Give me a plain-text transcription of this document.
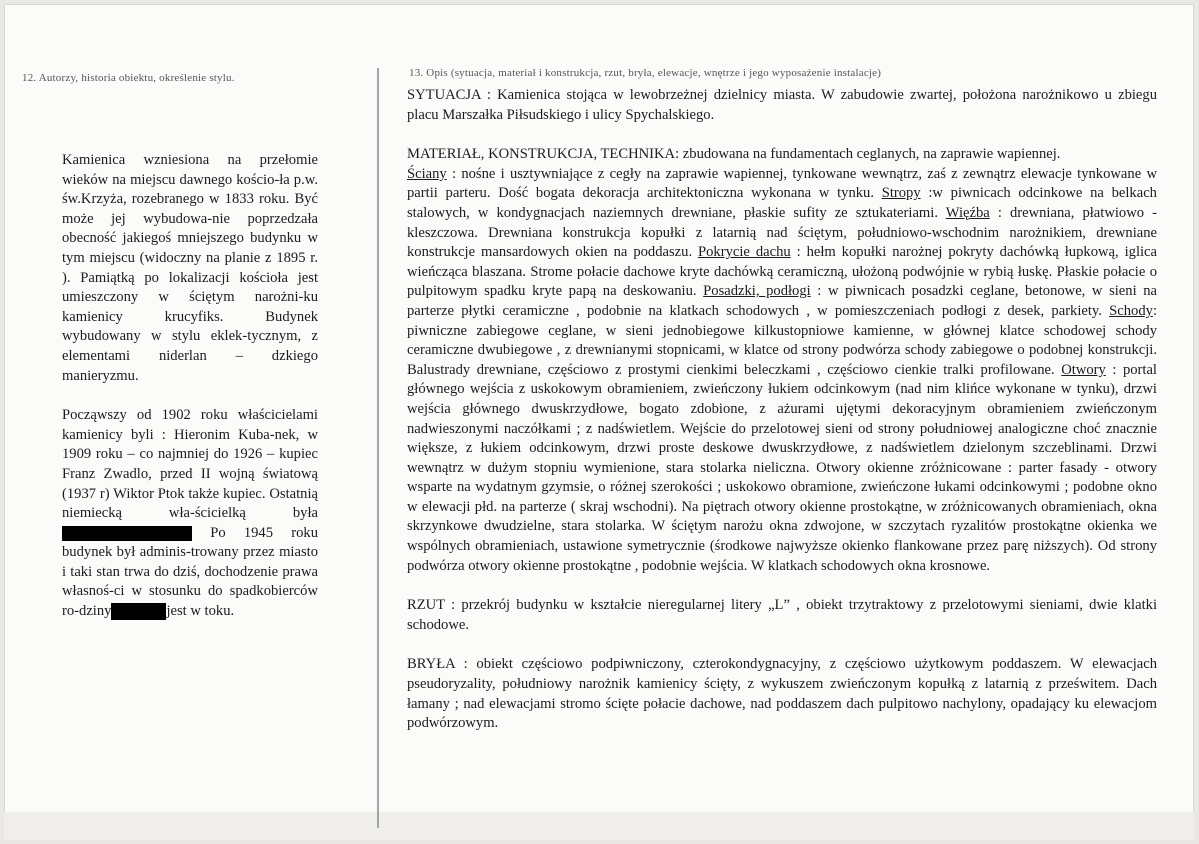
12. Autorzy, historia obiektu, określenie stylu.	13. Opis (sytuacja, materiał i konstrukcja, rzut, bryła, elewacje, wnętrze i jego wyposażenie instalacje)

Kamienica wzniesiona na przełomie wieków na miejscu dawnego kościo-ła p.w. św.Krzyża, rozebranego w 1833 roku. Być może jej wybudowa-nie poprzedzała obecność jakiegoś mniejszego budynku w tym miejscu (widoczny na planie z 1895 r. ). Pamiątką po lokalizacji kościoła jest umieszczony w ściętym narożni-ku kamienicy krucyfiks. Budynek wybudowany w stylu eklek-tycznym, z elementami niderlan – dzkiego manieryzmu.

Począwszy od 1902 roku właścicielami kamienicy byli : Hieronim Kuba-nek, w 1909 roku – co najmniej do 1926 – kupiec Franz Zwadlo, przed II wojną światową (1937 r) Wiktor Ptok także kupiec. Ostatnią niemiecką wła-ścicielką była Po 1945 roku budynek był adminis-trowany przez miasto i taki stan trwa do dziś, dochodzenie prawa własnoś-ci w stosunku do spadkobierców ro-dziny	jest w toku.

SYTUACJA : Kamienica stojąca w lewobrzeżnej dzielnicy miasta. W zabudowie zwartej, położona narożnikowo u zbiegu placu Marszałka Piłsudskiego i ulicy Spychalskiego.

MATERIAŁ, KONSTRUKCJA, TECHNIKA: zbudowana na fundamentach ceglanych, na zaprawie wapiennej.
Ściany : nośne i usztywniające z cegły na zaprawie wapiennej, tynkowane wewnątrz, zaś z zewnątrz elewacje tynkowane w partii parteru. Dość bogata dekoracja architektoniczna wykonana w tynku. Stropy :w piwnicach odcinkowe na belkach stalowych, w kondygnacjach naziemnych drewniane, płaskie sufity ze sztukateriami. Więźba : drewniana, płatwiowo - kleszczowa. Drewniana konstrukcja kopułki z latarnią nad ściętym, południowo-wschodnim narożnikiem, drewniane konstrukcje mansardowych okien na poddaszu. Pokrycie dachu : hełm kopułki narożnej pokryty dachówką łupkową, iglica wieńcząca blaszana. Strome połacie dachowe kryte dachówką ceramiczną, ułożoną podwójnie w rybią łuskę. Płaskie połacie o pulpitowym spadku kryte papą na deskowaniu. Posadzki, podłogi : w piwnicach posadzki ceglane, betonowe, w sieni na parterze płytki ceramiczne , podobnie na klatkach schodowych , w pomieszczeniach podłogi z desek, parkiety. Schody: piwniczne zabiegowe ceglane, w sieni jednobiegowe kilkustopniowe kamienne, w głównej klatce schodowej schody ceramiczne dwubiegowe , z drewnianymi stopnicami, w klatce od strony podwórza schody zabiegowe o podobnej konstrukcji. Balustrady drewniane, częściowo z prostymi cienkimi beleczkami , częściowo cienkie tralki profilowane. Otwory : portal głównego wejścia z uskokowym obramieniem, zwieńczony łukiem odcinkowym (nad nim klińce wykonane w tynku), drzwi wejścia głównego dwuskrzydłowe, bogato zdobione, z ażurami ujętymi dekoracyjnym obramieniem zwieńczonym nadwieszonymi naczółkami ; z nadświetlem. Wejście do przelotowej sieni od strony południowej analogiczne choć znacznie większe, z łukiem odcinkowym, drzwi proste deskowe dwuskrzydłowe, z nadświetlem dzielonym szczeblinami. Drzwi wewnątrz w dużym stopniu wymienione, stara stolarka nieliczna. Otwory okienne zróżnicowane : parter fasady - otwory wsparte na wydatnym gzymsie, o różnej szerokości ; uskokowo obramione, zwieńczone łukami odcinkowymi ; podobne okno w elewacji płd. na parterze ( skraj wschodni). Na piętrach otwory okienne prostokątne, w zróżnicowanych obramieniach, okna skrzynkowe dwudzielne, stara stolarka. W ściętym narożu okna zdwojone, w szczytach ryzalitów prostokątne okienka we wspólnych obramieniach, ustawione symetrycznie (środkowe najwyższe okienko flankowane przez parę niższych). Od strony podwórza otwory okienne prostokątne , podobnie wejścia. W klatkach schodowych okna krosnowe.

RZUT : przekrój budynku w kształcie nieregularnej litery „L” , obiekt trzytraktowy z przelotowymi sieniami, dwie klatki schodowe.

BRYŁA : obiekt częściowo podpiwniczony, czterokondygnacyjny, z częściowo użytkowym poddaszem. W elewacjach pseudoryzality, południowy narożnik kamienicy ścięty, z wykuszem zwieńczonym kopułką z latarnią z prześwitem. Dach łamany ; nad elewacjami stromo ścięte połacie dachowe, nad poddaszem dach pulpitowo nachylony, opadający ku elewacjom podwórzowym.
